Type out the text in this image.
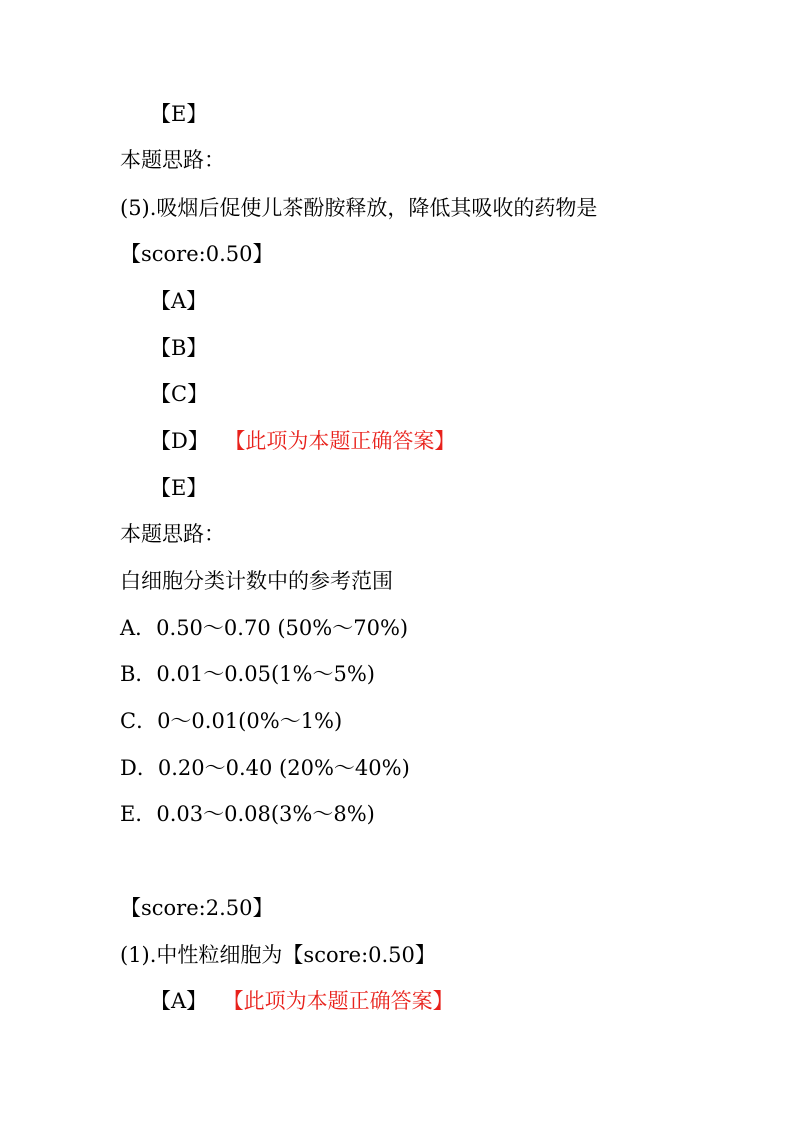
【E】
本题思路：
(5).吸烟后促使儿茶酚胺释放，降低其吸收的药物是
【score:0.50】
【A】
【B】
【C】
【D】 【此项为本题正确答案】
【E】
本题思路：
白细胞分类计数中的参考范围
A．0.50～0.70 (50%～70%)
B．0.01～0.05(1%～5%)
C．0～0.01(0%～1%)
D．0.20～0.40 (20%～40%)
E．0.03～0.08(3%～8%)
【score:2.50】
(1).中性粒细胞为【score:0.50】
【A】 【此项为本题正确答案】
